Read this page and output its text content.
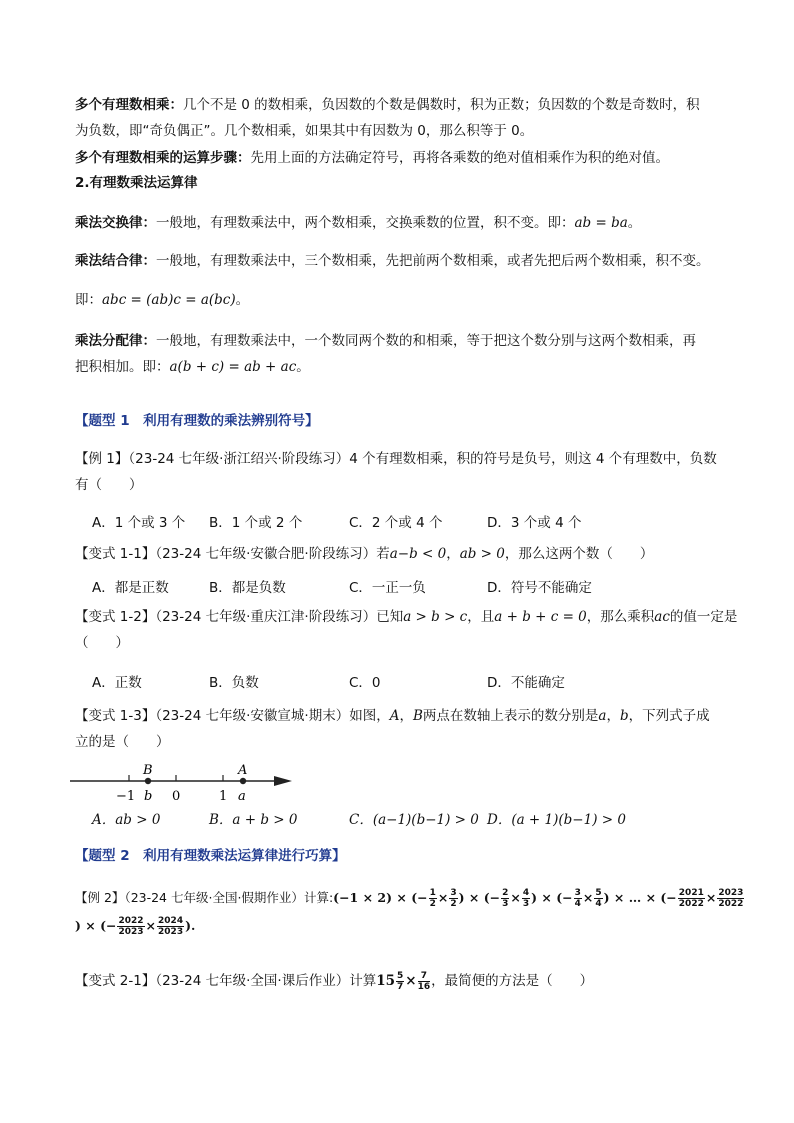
多个有理数相乘：几个不是 0 的数相乘，负因数的个数是偶数时，积为正数；负因数的个数是奇数时，积
为负数，即“奇负偶正”。几个数相乘，如果其中有因数为 0，那么积等于 0。
多个有理数相乘的运算步骤：先用上面的方法确定符号，再将各乘数的绝对值相乘作为积的绝对值。
2.有理数乘法运算律
乘法交换律：一般地，有理数乘法中，两个数相乘，交换乘数的位置，积不变。即：ab = ba。
乘法结合律：一般地，有理数乘法中，三个数相乘，先把前两个数相乘，或者先把后两个数相乘，积不变。
即：abc = (ab)c = a(bc)。
乘法分配律：一般地，有理数乘法中，一个数同两个数的和相乘，等于把这个数分别与这两个数相乘，再
把积相加。即：a(b + c) = ab + ac。
【题型 1　利用有理数的乘法辨别符号】
【例 1】（23-24 七年级·浙江绍兴·阶段练习）4 个有理数相乘，积的符号是负号，则这 4 个有理数中，负数
有（　　）
A．1 个或 3 个 B．1 个或 2 个	C．2 个或 4 个	D．3 个或 4 个
【变式 1-1】（23-24 七年级·安徽合肥·阶段练习）若a−b < 0，ab > 0，那么这两个数（　　）
A．都是正数	B．都是负数	C．一正一负	D．符号不能确定
【变式 1-2】（23-24 七年级·重庆江津·阶段练习）已知a > b > c，且a + b + c = 0，那么乘积ac的值一定是
（　　）
A．正数	B．负数	C．0	D．不能确定
【变式 1-3】（23-24 七年级·安徽宣城·期末）如图，A，B两点在数轴上表示的数分别是a，b，下列式子成
立的是（　　）
B	A
−1 b 0	1 a
A．ab > 0	B．a + b > 0	C．(a−1)(b−1) > 0 D．(a + 1)(b−1) > 0
【题型 2　利用有理数乘法运算律进行巧算】
【例 2】（23-24 七年级·全国·假期作业）计算:(−1 × 2) × (− $\frac{1}{2} \times \frac{3}{2}$ ) × (− $\frac{2}{3} \times \frac{4}{3}$ ) × (− $\frac{3}{4} \times \frac{5}{4}$ ) × … × (− $\frac{2021}{2022} \times \frac{2023}{2022}$

) × (− $\frac{2022}{2023} \times \frac{2024}{2023}$ ).
【变式 2-1】（23-24 七年级·全国·课后作业）计算$15 \frac{5}{7} \times \frac{7}{16}$ ，最简便的方法是（　　）
